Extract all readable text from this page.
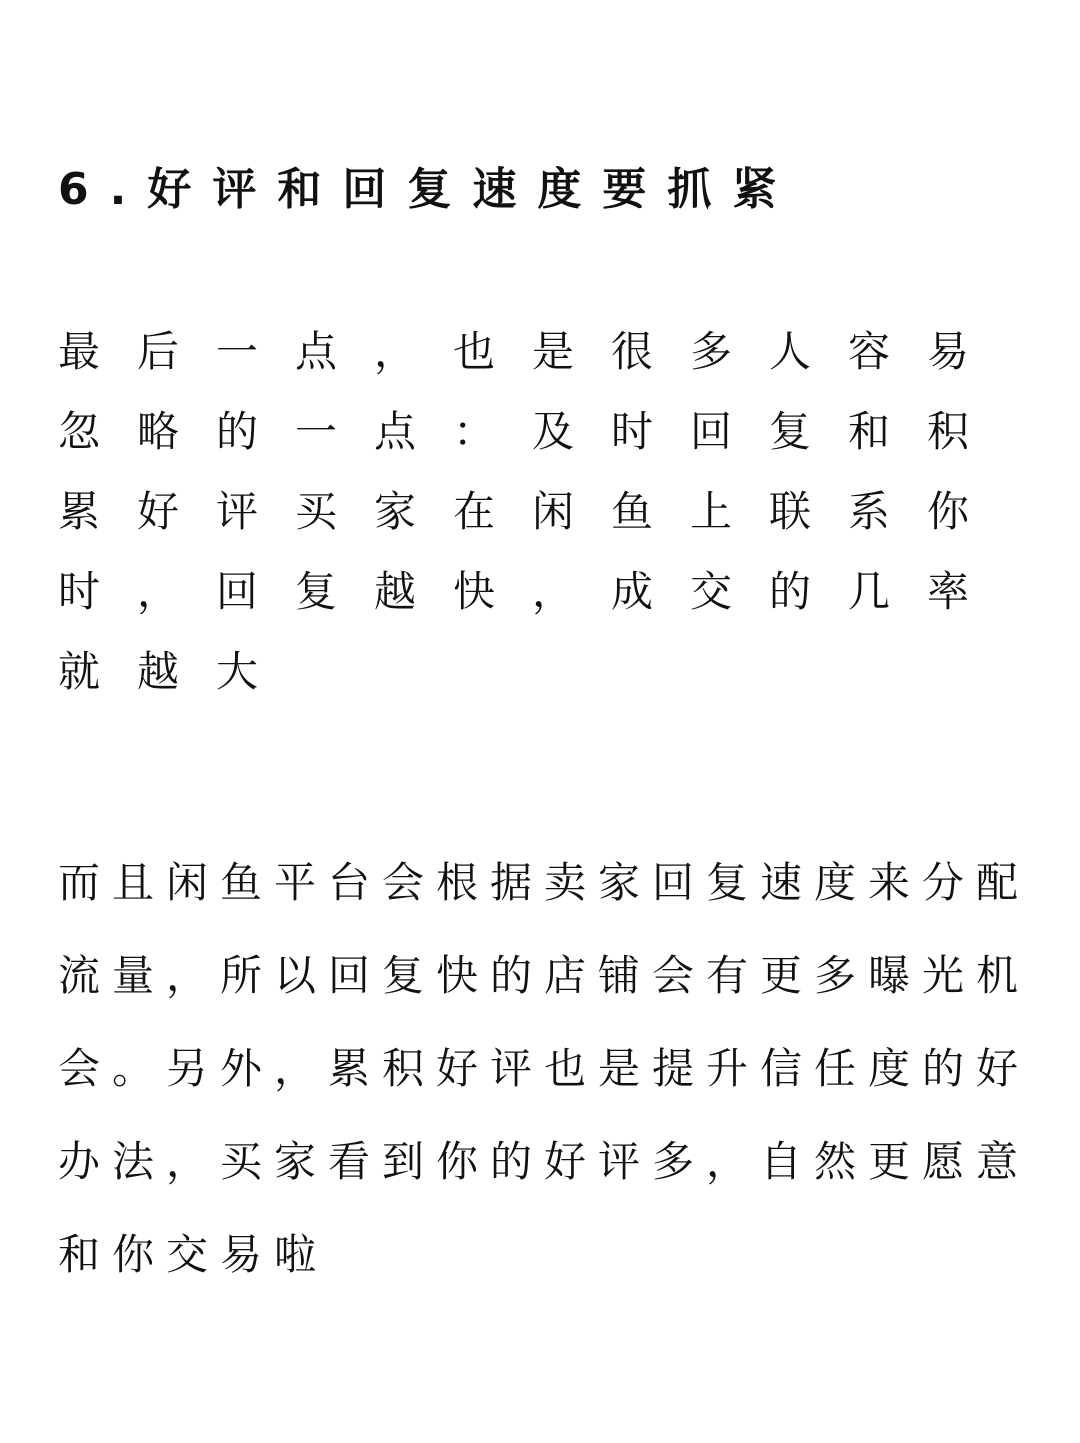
6.好评和回复速度要抓紧
最后一点，也是很多人容易
忽略的一点：及时回复和积
累好评买家在闲鱼上联系你
时，回复越快，成交的几率
就越大
而且闲鱼平台会根据卖家回复速度来分配
流量，所以回复快的店铺会有更多曝光机
会。另外，累积好评也是提升信任度的好
办法，买家看到你的好评多，自然更愿意
和你交易啦
